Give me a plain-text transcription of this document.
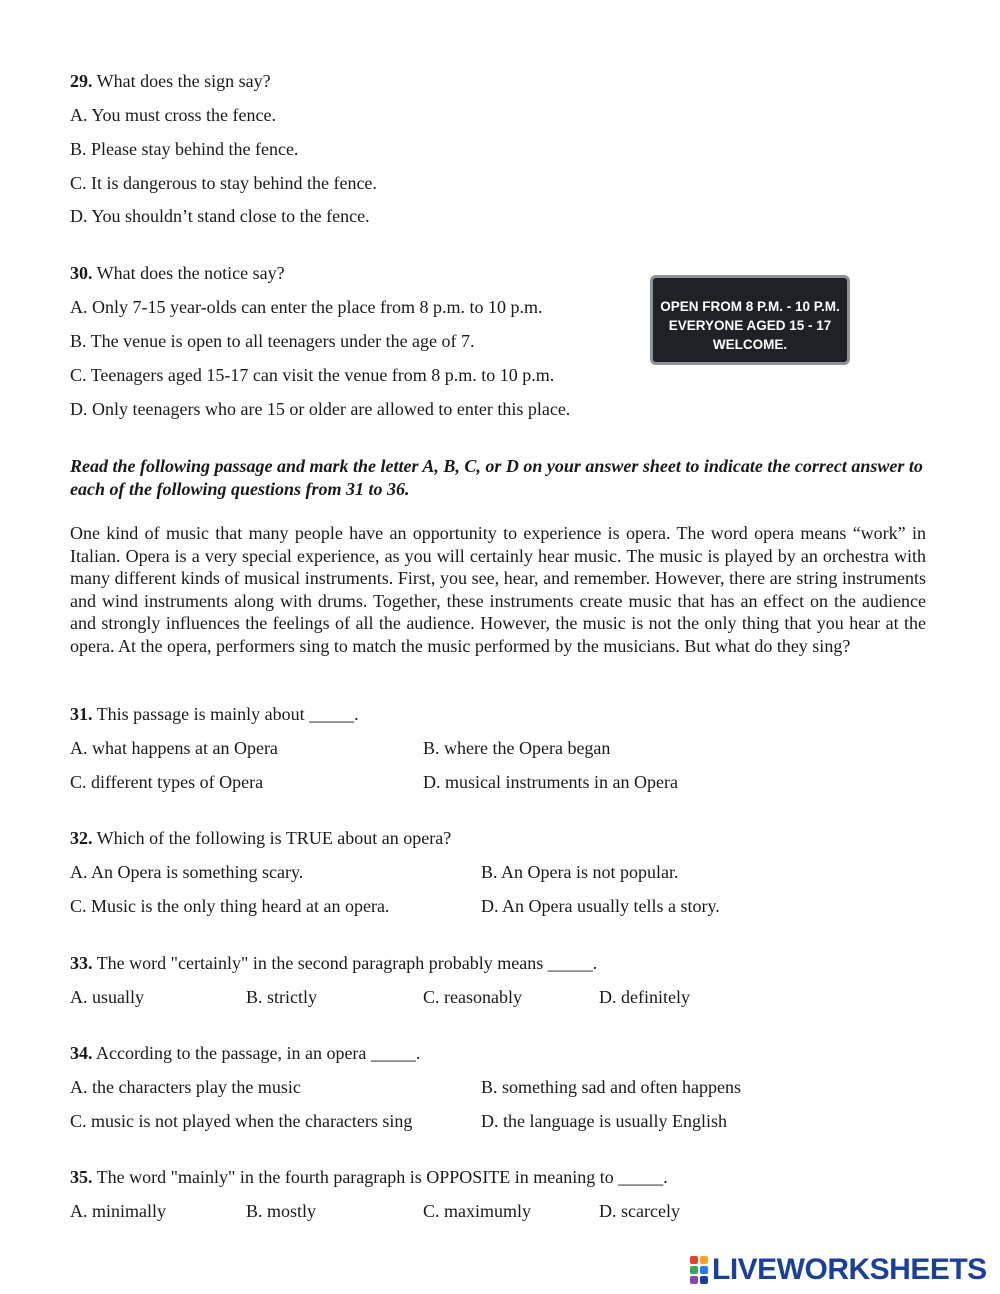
29. What does the sign say?
A. You must cross the fence.
B. Please stay behind the fence.
C. It is dangerous to stay behind the fence.
D. You shouldn’t stand close to the fence.
30. What does the notice say?
A. Only 7-15 year-olds can enter the place from 8 p.m. to 10 p.m.
B. The venue is open to all teenagers under the age of 7.
C. Teenagers aged 15-17 can visit the venue from 8 p.m. to 10 p.m.
D. Only teenagers who are 15 or older are allowed to enter this place.
OPEN FROM 8 P.M. - 10 P.M.
EVERYONE AGED 15 - 17
WELCOME.
Read the following passage and mark the letter A, B, C, or D on your answer sheet to indicate the correct answer to each of the following questions from 31 to 36.

One kind of music that many people have an opportunity to experience is opera. The word opera means “work” in Italian. Opera is a very special experience, as you will certainly hear music. The music is played by an orchestra with many different kinds of musical instruments. First, you see, hear, and remember. However, there are string instruments and wind instruments along with drums. Together, these instruments create music that has an effect on the audience and strongly influences the feelings of all the audience. However, the music is not the only thing that you hear at the opera. At the opera, performers sing to match the music performed by the musicians. But what do they sing?

31. This passage is mainly about _____.
A. what happens at an Opera	B. where the Opera began
C. different types of Opera	D. musical instruments in an Opera
32. Which of the following is TRUE about an opera?
A. An Opera is something scary.	B. An Opera is not popular.
C. Music is the only thing heard at an opera.	D. An Opera usually tells a story.
33. The word "certainly" in the second paragraph probably means _____.
A. usually	B. strictly	C. reasonably	D. definitely
34. According to the passage, in an opera _____.
A. the characters play the music	B. something sad and often happens
C. music is not played when the characters sing	D. the language is usually English
35. The word "mainly" in the fourth paragraph is OPPOSITE in meaning to _____.
A. minimally	B. mostly	C. maximumly	D. scarcely
LIVEWORKSHEETS
